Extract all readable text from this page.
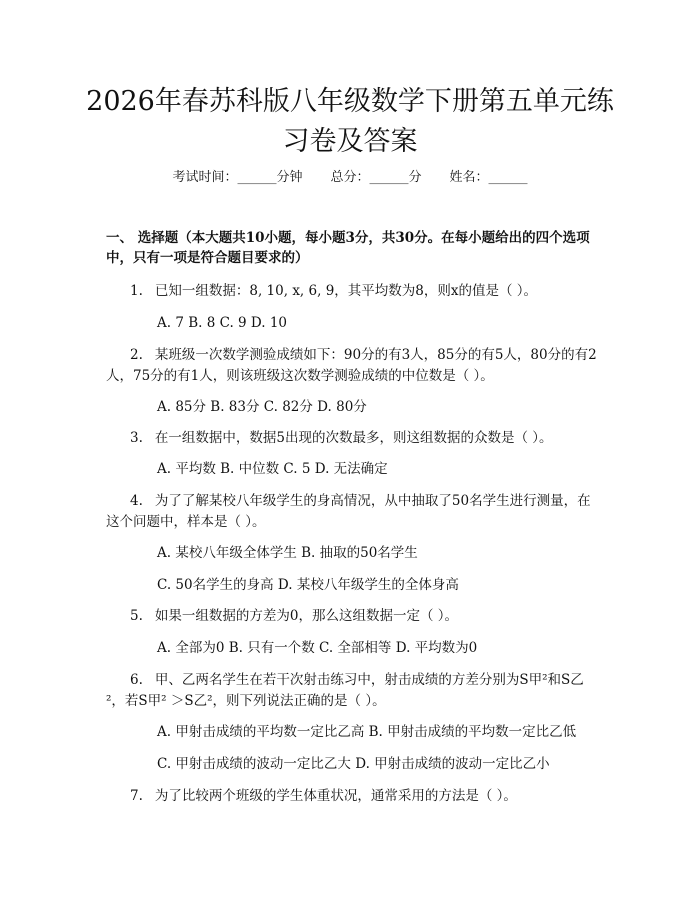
2026年春苏科版八年级数学下册第五单元练
习卷及答案
考试时间：______分钟 总分：______分 姓名：______
一、 选择题（本大题共10小题，每小题3分，共30分。在每小题给出的四个选项中，只有一项是符合题目要求的）
1. 已知一组数据：8, 10, x, 6, 9，其平均数为8，则x的值是（ ）。
A. 7 B. 8 C. 9 D. 10
2. 某班级一次数学测验成绩如下：90分的有3人，85分的有5人，80分的有2人，75分的有1人，则该班级这次数学测验成绩的中位数是（ ）。
A. 85分 B. 83分 C. 82分 D. 80分
3. 在一组数据中，数据5出现的次数最多，则这组数据的众数是（ ）。
A. 平均数 B. 中位数 C. 5 D. 无法确定
4. 为了了解某校八年级学生的身高情况，从中抽取了50名学生进行测量，在这个问题中，样本是（ ）。
A. 某校八年级全体学生 B. 抽取的50名学生
C. 50名学生的身高 D. 某校八年级学生的全体身高
5. 如果一组数据的方差为0，那么这组数据一定（ ）。
A. 全部为0 B. 只有一个数 C. 全部相等 D. 平均数为0
6. 甲、乙两名学生在若干次射击练习中，射击成绩的方差分别为S甲²和S乙²，若S甲² ＞S乙²，则下列说法正确的是（ ）。
A. 甲射击成绩的平均数一定比乙高 B. 甲射击成绩的平均数一定比乙低
C. 甲射击成绩的波动一定比乙大 D. 甲射击成绩的波动一定比乙小
7. 为了比较两个班级的学生体重状况，通常采用的方法是（ ）。
